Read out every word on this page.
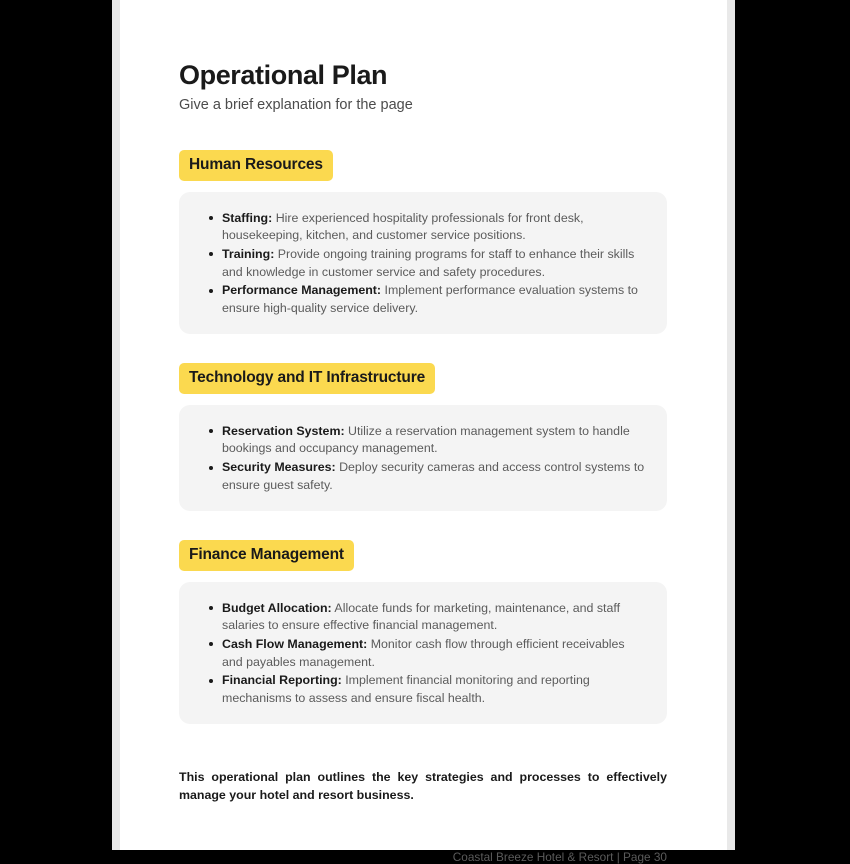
Operational Plan

Give a brief explanation for the page

Human Resources
Staffing: Hire experienced hospitality professionals for front desk, housekeeping, kitchen, and customer service positions.
Training: Provide ongoing training programs for staff to enhance their skills and knowledge in customer service and safety procedures.
Performance Management: Implement performance evaluation systems to ensure high-quality service delivery.
Technology and IT Infrastructure
Reservation System: Utilize a reservation management system to handle bookings and occupancy management.
Security Measures: Deploy security cameras and access control systems to ensure guest safety.
Finance Management
Budget Allocation: Allocate funds for marketing, maintenance, and staff salaries to ensure effective financial management.
Cash Flow Management: Monitor cash flow through efficient receivables and payables management.
Financial Reporting: Implement financial monitoring and reporting mechanisms to assess and ensure fiscal health.

This operational plan outlines the key strategies and processes to effectively manage your hotel and resort business.

Coastal Breeze Hotel & Resort | Page 30
